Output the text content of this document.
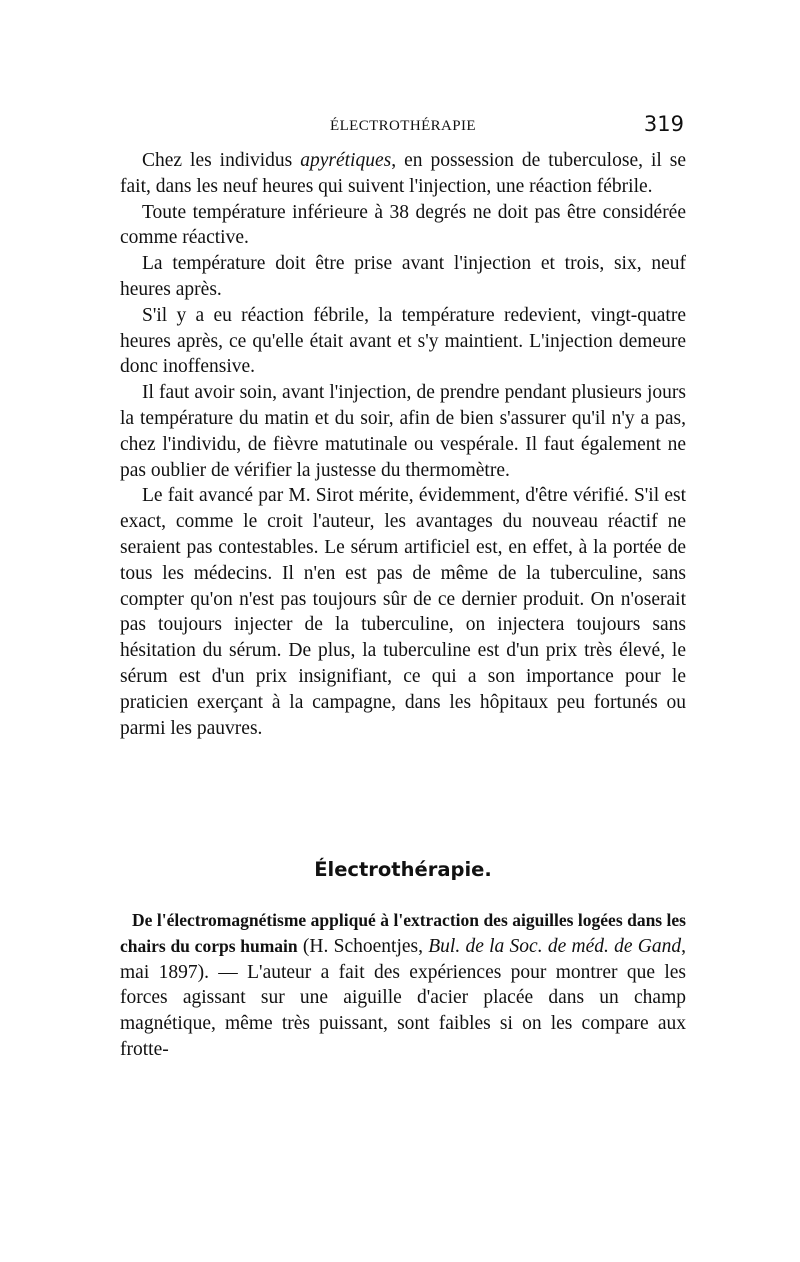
ÉLECTROTHÉRAPIE	319

Chez les individus apyrétiques, en possession de tuberculose, il se fait, dans les neuf heures qui suivent l'injection, une réaction fébrile.

Toute température inférieure à 38 degrés ne doit pas être considérée comme réactive.

La température doit être prise avant l'injection et trois, six, neuf heures après.

S'il y a eu réaction fébrile, la température redevient, vingt-quatre heures après, ce qu'elle était avant et s'y maintient. L'injection demeure donc inoffensive.

Il faut avoir soin, avant l'injection, de prendre pendant plusieurs jours la température du matin et du soir, afin de bien s'assurer qu'il n'y a pas, chez l'individu, de fièvre matutinale ou vespérale. Il faut également ne pas oublier de vérifier la justesse du thermomètre.

Le fait avancé par M. Sirot mérite, évidemment, d'être vérifié. S'il est exact, comme le croit l'auteur, les avantages du nouveau réactif ne seraient pas contestables. Le sérum artificiel est, en effet, à la portée de tous les médecins. Il n'en est pas de même de la tuberculine, sans compter qu'on n'est pas toujours sûr de ce dernier produit. On n'oserait pas toujours injecter de la tuberculine, on injectera toujours sans hésitation du sérum. De plus, la tuberculine est d'un prix très élevé, le sérum est d'un prix insignifiant, ce qui a son importance pour le praticien exerçant à la campagne, dans les hôpitaux peu fortunés ou parmi les pauvres.

Électrothérapie.
De l'électromagnétisme appliqué à l'extraction des aiguilles logées dans les chairs du corps humain (H. Schoentjes, Bul. de la Soc. de méd. de Gand, mai 1897). — L'auteur a fait des expériences pour montrer que les forces agissant sur une aiguille d'acier placée dans un champ magnétique, même très puissant, sont faibles si on les compare aux frotte-
